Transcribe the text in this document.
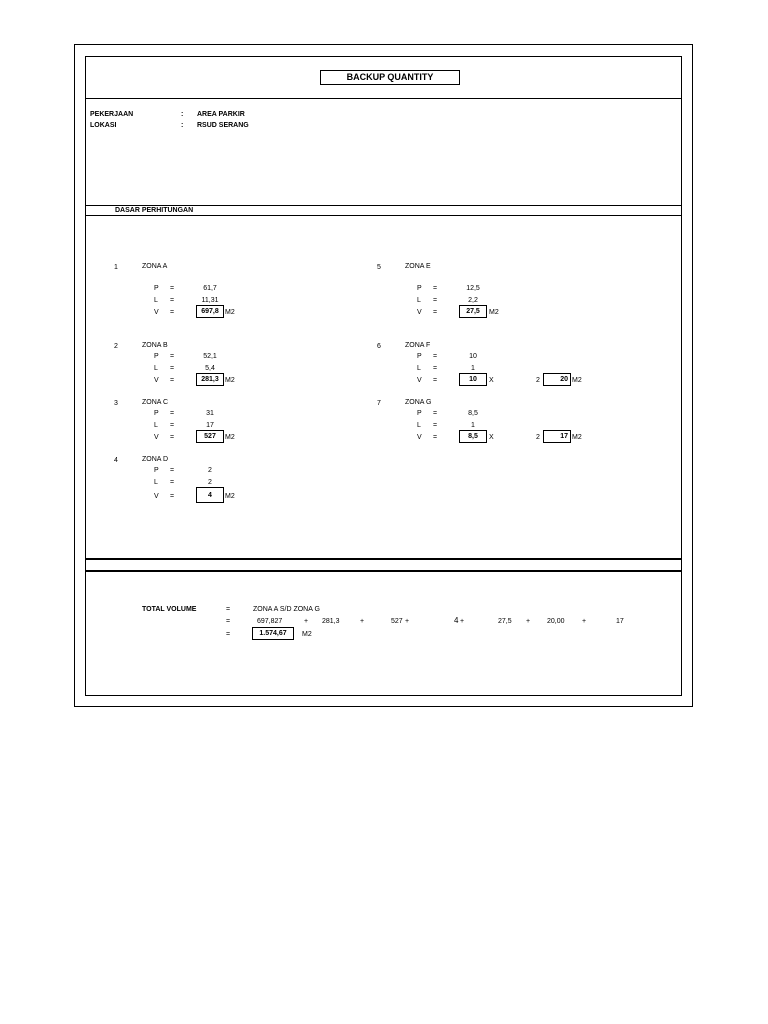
BACKUP QUANTITY
PEKERJAAN	: AREA PARKIR
LOKASI	: RSUD SERANG
DASAR PERHITUNGAN
1	ZONA A
P =	61,7
L =	11,31
V =	697,8 M2
2	ZONA B
P =	52,1
L =	5,4
V =	281,3 M2
3	ZONA C
P =	31
L =	17
V =	527	M2
4	ZONA D
P =	2
L =	2
V =	4	M2
5	ZONA E
P =	12,5
L =	2,2
V =	27,5	M2
6	ZONA F
P =	10
L =	1
V =	10	X	2	20 M2
7	ZONA G
P =	8,5
L =	1
V =	8,5	X	2	17 M2
TOTAL VOLUME	=	ZONA A S/D ZONA G
=	697,827	+ 281,3	+	527 +	4 +	27,5 + 20,00 +	17
=	1.574,67	M2
